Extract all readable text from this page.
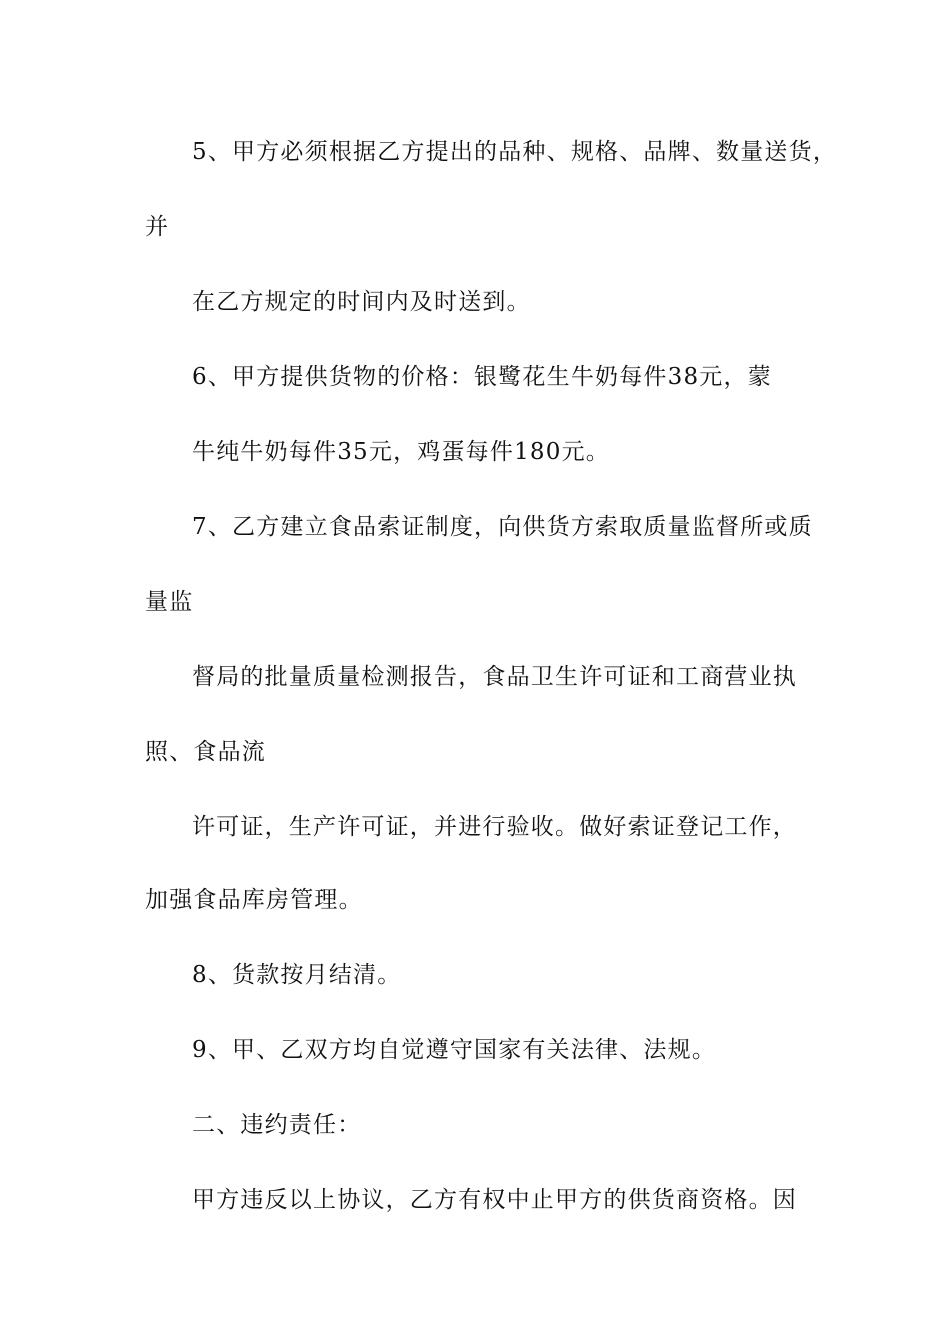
5、甲方必须根据乙方提出的品种、规格、品牌、数量送货，
并
在乙方规定的时间内及时送到。
6、甲方提供货物的价格：银鹭花生牛奶每件38元，蒙
牛纯牛奶每件35元，鸡蛋每件180元。
7、乙方建立食品索证制度，向供货方索取质量监督所或质
量监
督局的批量质量检测报告，食品卫生许可证和工商营业执
照、食品流
许可证，生产许可证，并进行验收。做好索证登记工作，
加强食品库房管理。
8、货款按月结清。
9、甲、乙双方均自觉遵守国家有关法律、法规。
二、违约责任：
甲方违反以上协议，乙方有权中止甲方的供货商资格。因
